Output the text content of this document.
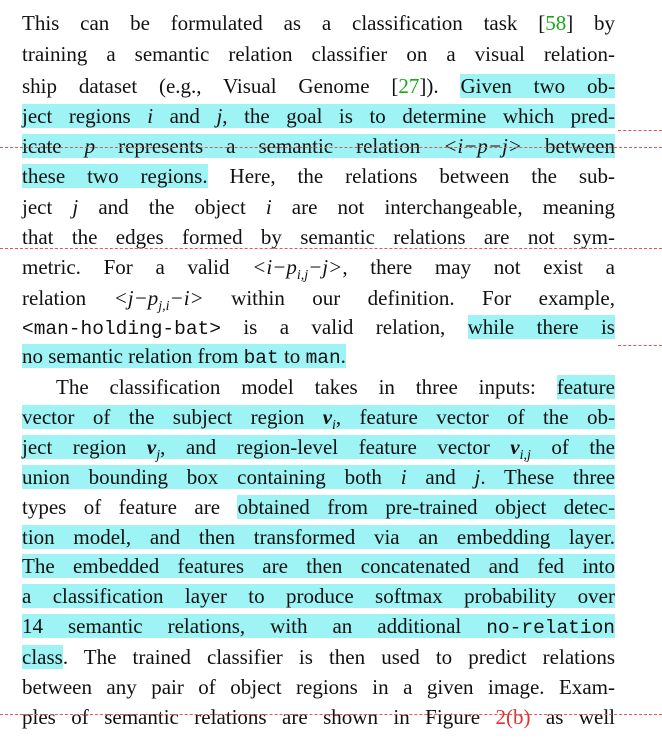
This can be formulated as a classification task [58] by
training a semantic relation classifier on a visual relation-
ship dataset (e.g., Visual Genome [27]). Given two ob-
ject regions i and j, the goal is to determine which pred-
icate p represents a semantic relation <i−p−j> between
these two regions. Here, the relations between the sub-
ject j and the object i are not interchangeable, meaning
that the edges formed by semantic relations are not sym-
metric. For a valid $<i-p_{i,j}-j>$, there may not exist a
relation $<j-p_{j,i}-i>$ within our definition. For example,
<man-holding-bat> is a valid relation, while there is
no semantic relation from bat to man.
The classification model takes in three inputs: feature
vector of the subject region $v_i$, feature vector of the ob-
ject region $v_j$, and region-level feature vector $v_{i,j}$ of the
union bounding box containing both i and j. These three
types of feature are obtained from pre-trained object detec-
tion model, and then transformed via an embedding layer.
The embedded features are then concatenated and fed into
a classification layer to produce softmax probability over
14 semantic relations, with an additional no-relation
class. The trained classifier is then used to predict relations
between any pair of object regions in a given image. Exam-
ples of semantic relations are shown in Figure 2(b) as well
